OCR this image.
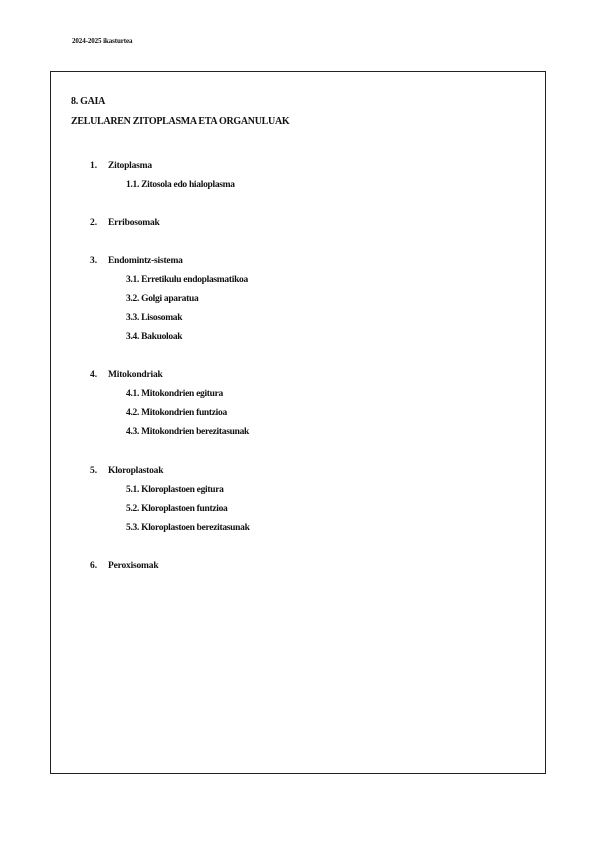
2024-2025 ikasturtea
8. GAIA
ZELULAREN ZITOPLASMA ETA ORGANULUAK
1. Zitoplasma
1.1. Zitosola edo hialoplasma
2. Erribosomak
3. Endomintz-sistema
3.1. Erretikulu endoplasmatikoa
3.2. Golgi aparatua
3.3. Lisosomak
3.4. Bakuoloak
4. Mitokondriak
4.1. Mitokondrien egitura
4.2. Mitokondrien funtzioa
4.3. Mitokondrien berezitasunak
5. Kloroplastoak
5.1. Kloroplastoen egitura
5.2. Kloroplastoen funtzioa
5.3. Kloroplastoen berezitasunak
6. Peroxisomak
